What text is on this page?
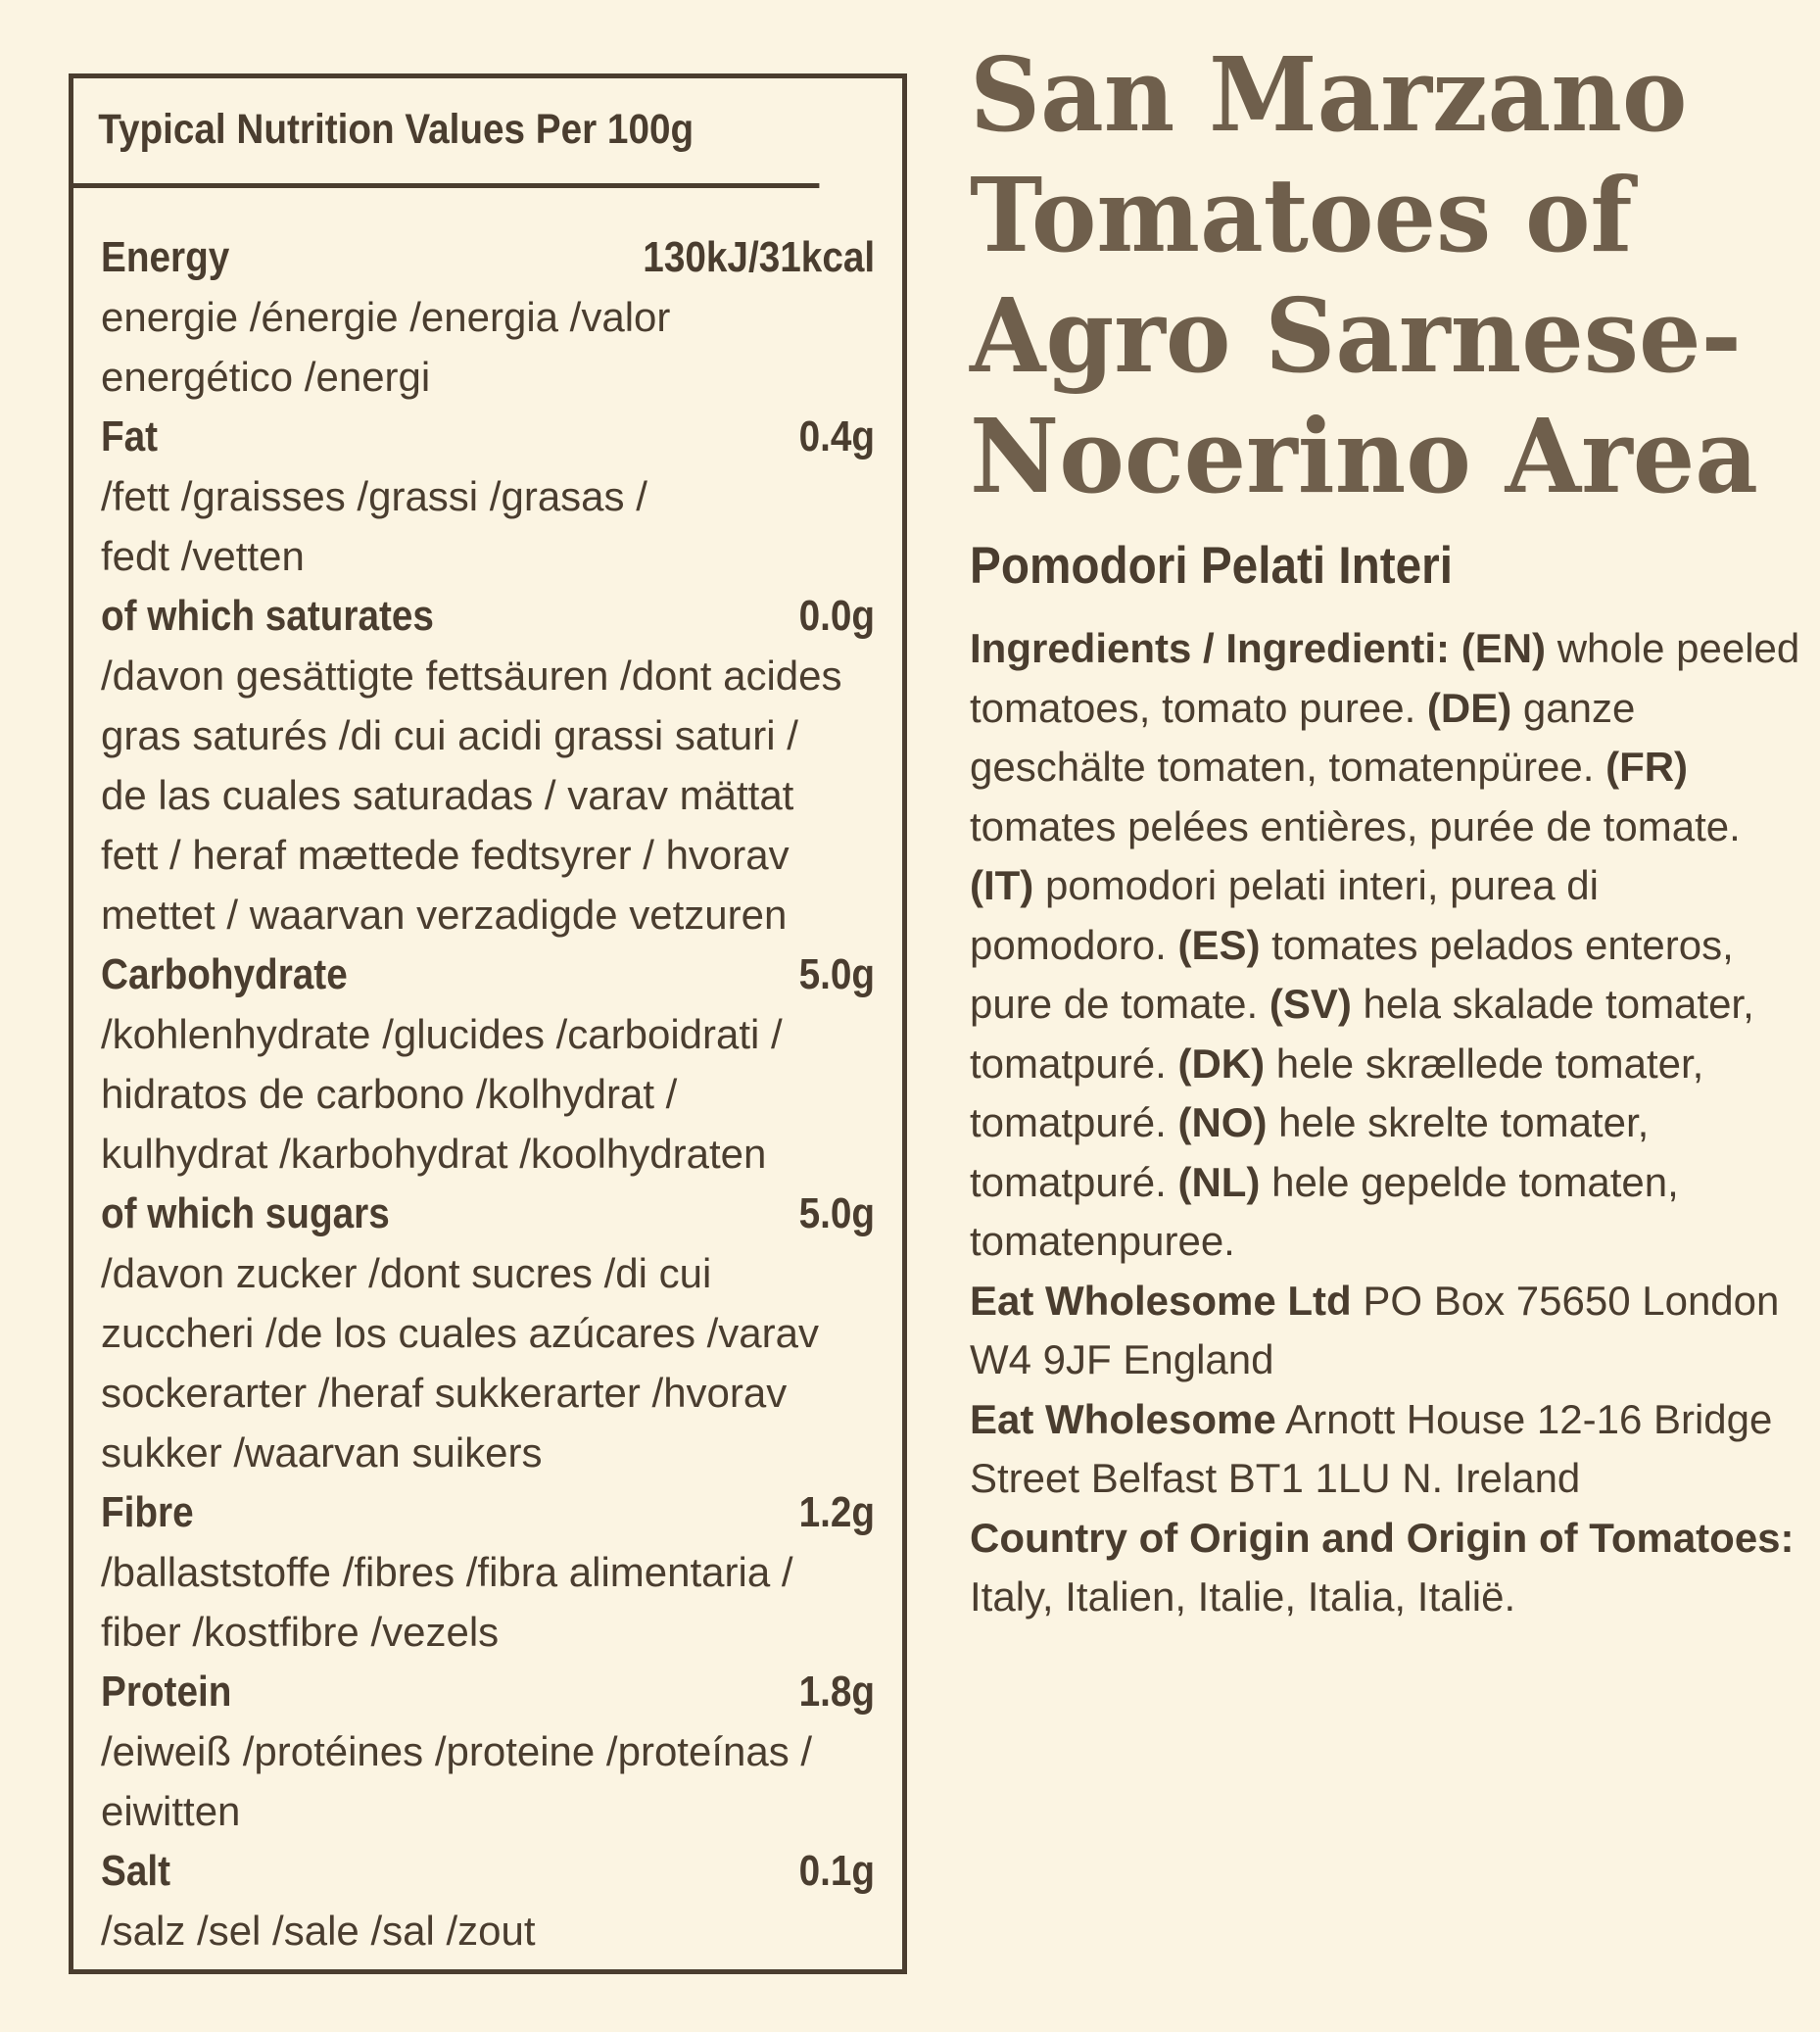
Typical Nutrition Values Per 100g
Energy	130kJ/31kcal
energie /énergie /energia /valor
energético /energi
Fat	0.4g
/fett /graisses /grassi /grasas /
fedt /vetten
of which saturates	0.0g
/davon gesättigte fettsäuren /dont acides
gras saturés /di cui acidi grassi saturi /
de las cuales saturadas / varav mättat
fett / heraf mættede fedtsyrer / hvorav
mettet / waarvan verzadigde vetzuren
Carbohydrate	5.0g
/kohlenhydrate /glucides /carboidrati /
hidratos de carbono /kolhydrat /
kulhydrat /karbohydrat /koolhydraten
of which sugars	5.0g
/davon zucker /dont sucres /di cui
zuccheri /de los cuales azúcares /varav
sockerarter /heraf sukkerarter /hvorav
sukker /waarvan suikers
Fibre	1.2g
/ballaststoffe /fibres /fibra alimentaria /
fiber /kostfibre /vezels
Protein	1.8g
/eiweiß /protéines /proteine /proteínas /
eiwitten
Salt	0.1g
/salz /sel /sale /sal /zout
San Marzano
Tomatoes of
Agro Sarnese-
Nocerino Area
Pomodori Pelati Interi

Ingredients / Ingredienti: (EN) whole peeled tomatoes, tomato puree. (DE) ganze geschälte tomaten, tomatenpüree. (FR) tomates pelées entières, purée de tomate. (IT) pomodori pelati interi, purea di pomodoro. (ES) tomates pelados enteros, pure de tomate. (SV) hela skalade tomater, tomatpuré. (DK) hele skrællede tomater, tomatpuré. (NO) hele skrelte tomater, tomatpuré. (NL) hele gepelde tomaten, tomatenpuree.

Eat Wholesome Ltd PO Box 75650 London W4 9JF England

Eat Wholesome Arnott House 12-16 Bridge Street Belfast BT1 1LU N. Ireland

Country of Origin and Origin of Tomatoes:

Italy, Italien, Italie, Italia, Italië.
